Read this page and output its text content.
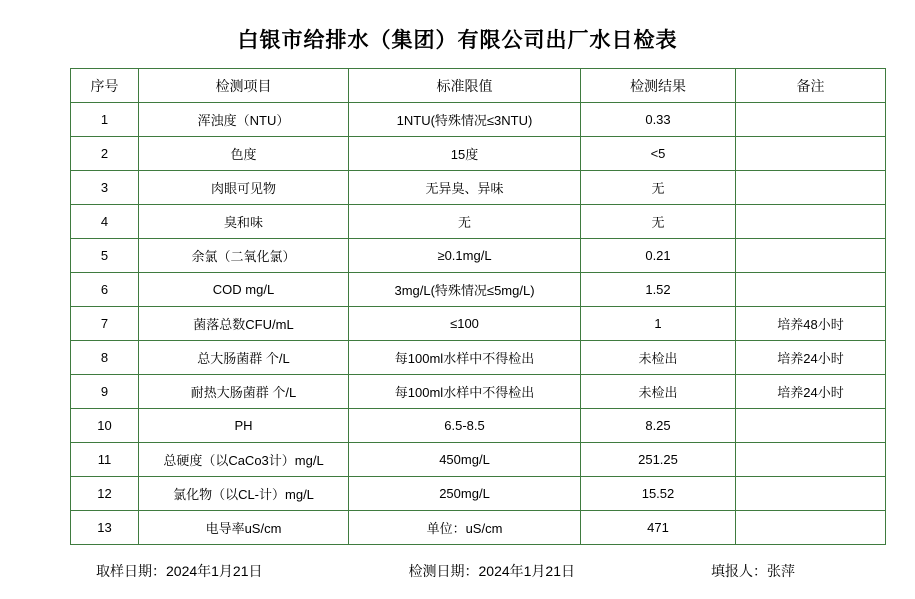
白银市给排水（集团）有限公司出厂水日检表
序号	检测项目	标准限值	检测结果	备注
1	浑浊度（NTU）	1NTU(特殊情况≤3NTU)	0.33	
2	色度	15度	<5	
3	肉眼可见物	无异臭、异味	无	
4	臭和味	无	无	
5	余氯（二氧化氯）	≥0.1mg/L	0.21	
6	COD mg/L	3mg/L(特殊情况≤5mg/L)	1.52	
7	菌落总数CFU/mL	≤100	1	培养48小时
8	总大肠菌群 个/L	每100ml水样中不得检出	未检出	培养24小时
9	耐热大肠菌群 个/L	每100ml水样中不得检出	未检出	培养24小时
10	PH	6.5-8.5	8.25	
11	总硬度（以CaCo3计）mg/L	450mg/L	251.25	
12	氯化物（以CL-计）mg/L	250mg/L	15.52	
13	电导率uS/cm	单位：uS/cm	471	
取样日期：2024年1月21日	检测日期：2024年1月21日	填报人：张萍
